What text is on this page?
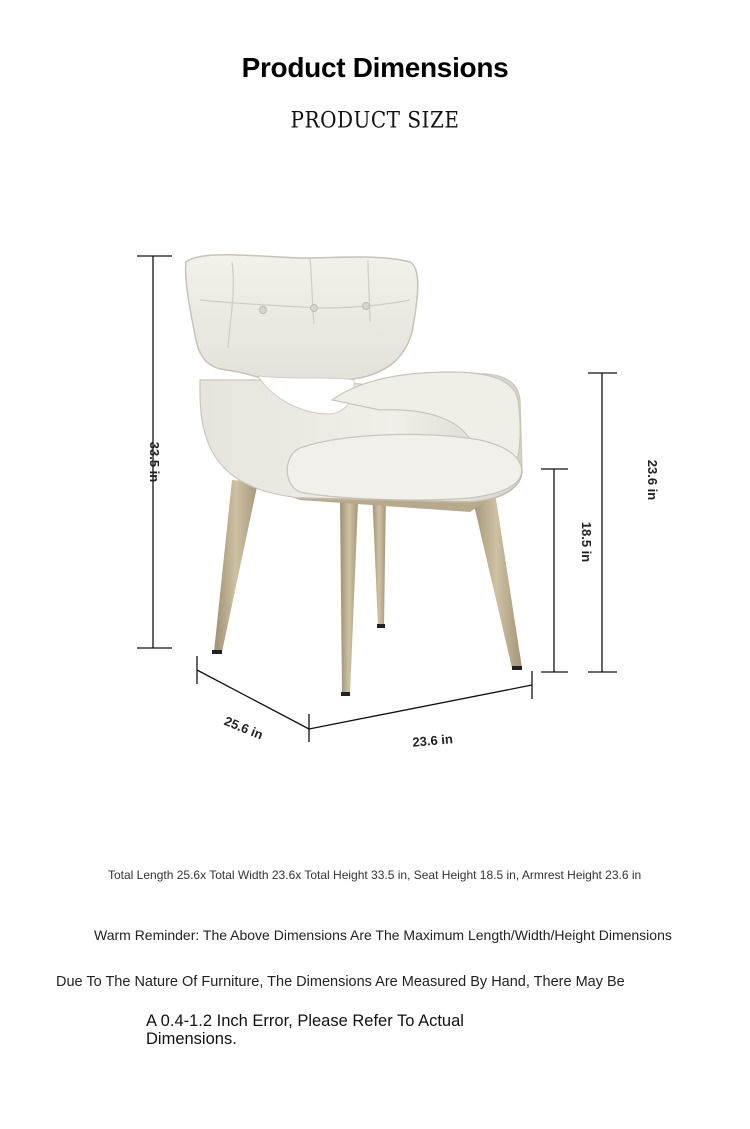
Product Dimensions
PRODUCT SIZE
33.5 in	23.6 in
18.5 in
25.6 in	23.6 in
Total Length 25.6x Total Width 23.6x Total Height 33.5 in, Seat Height 18.5 in, Armrest Height 23.6 in
Warm Reminder: The Above Dimensions Are The Maximum Length/Width/Height Dimensions
Due To The Nature Of Furniture, The Dimensions Are Measured By Hand, There May Be
A 0.4-1.2 Inch Error, Please Refer To Actual Dimensions.
